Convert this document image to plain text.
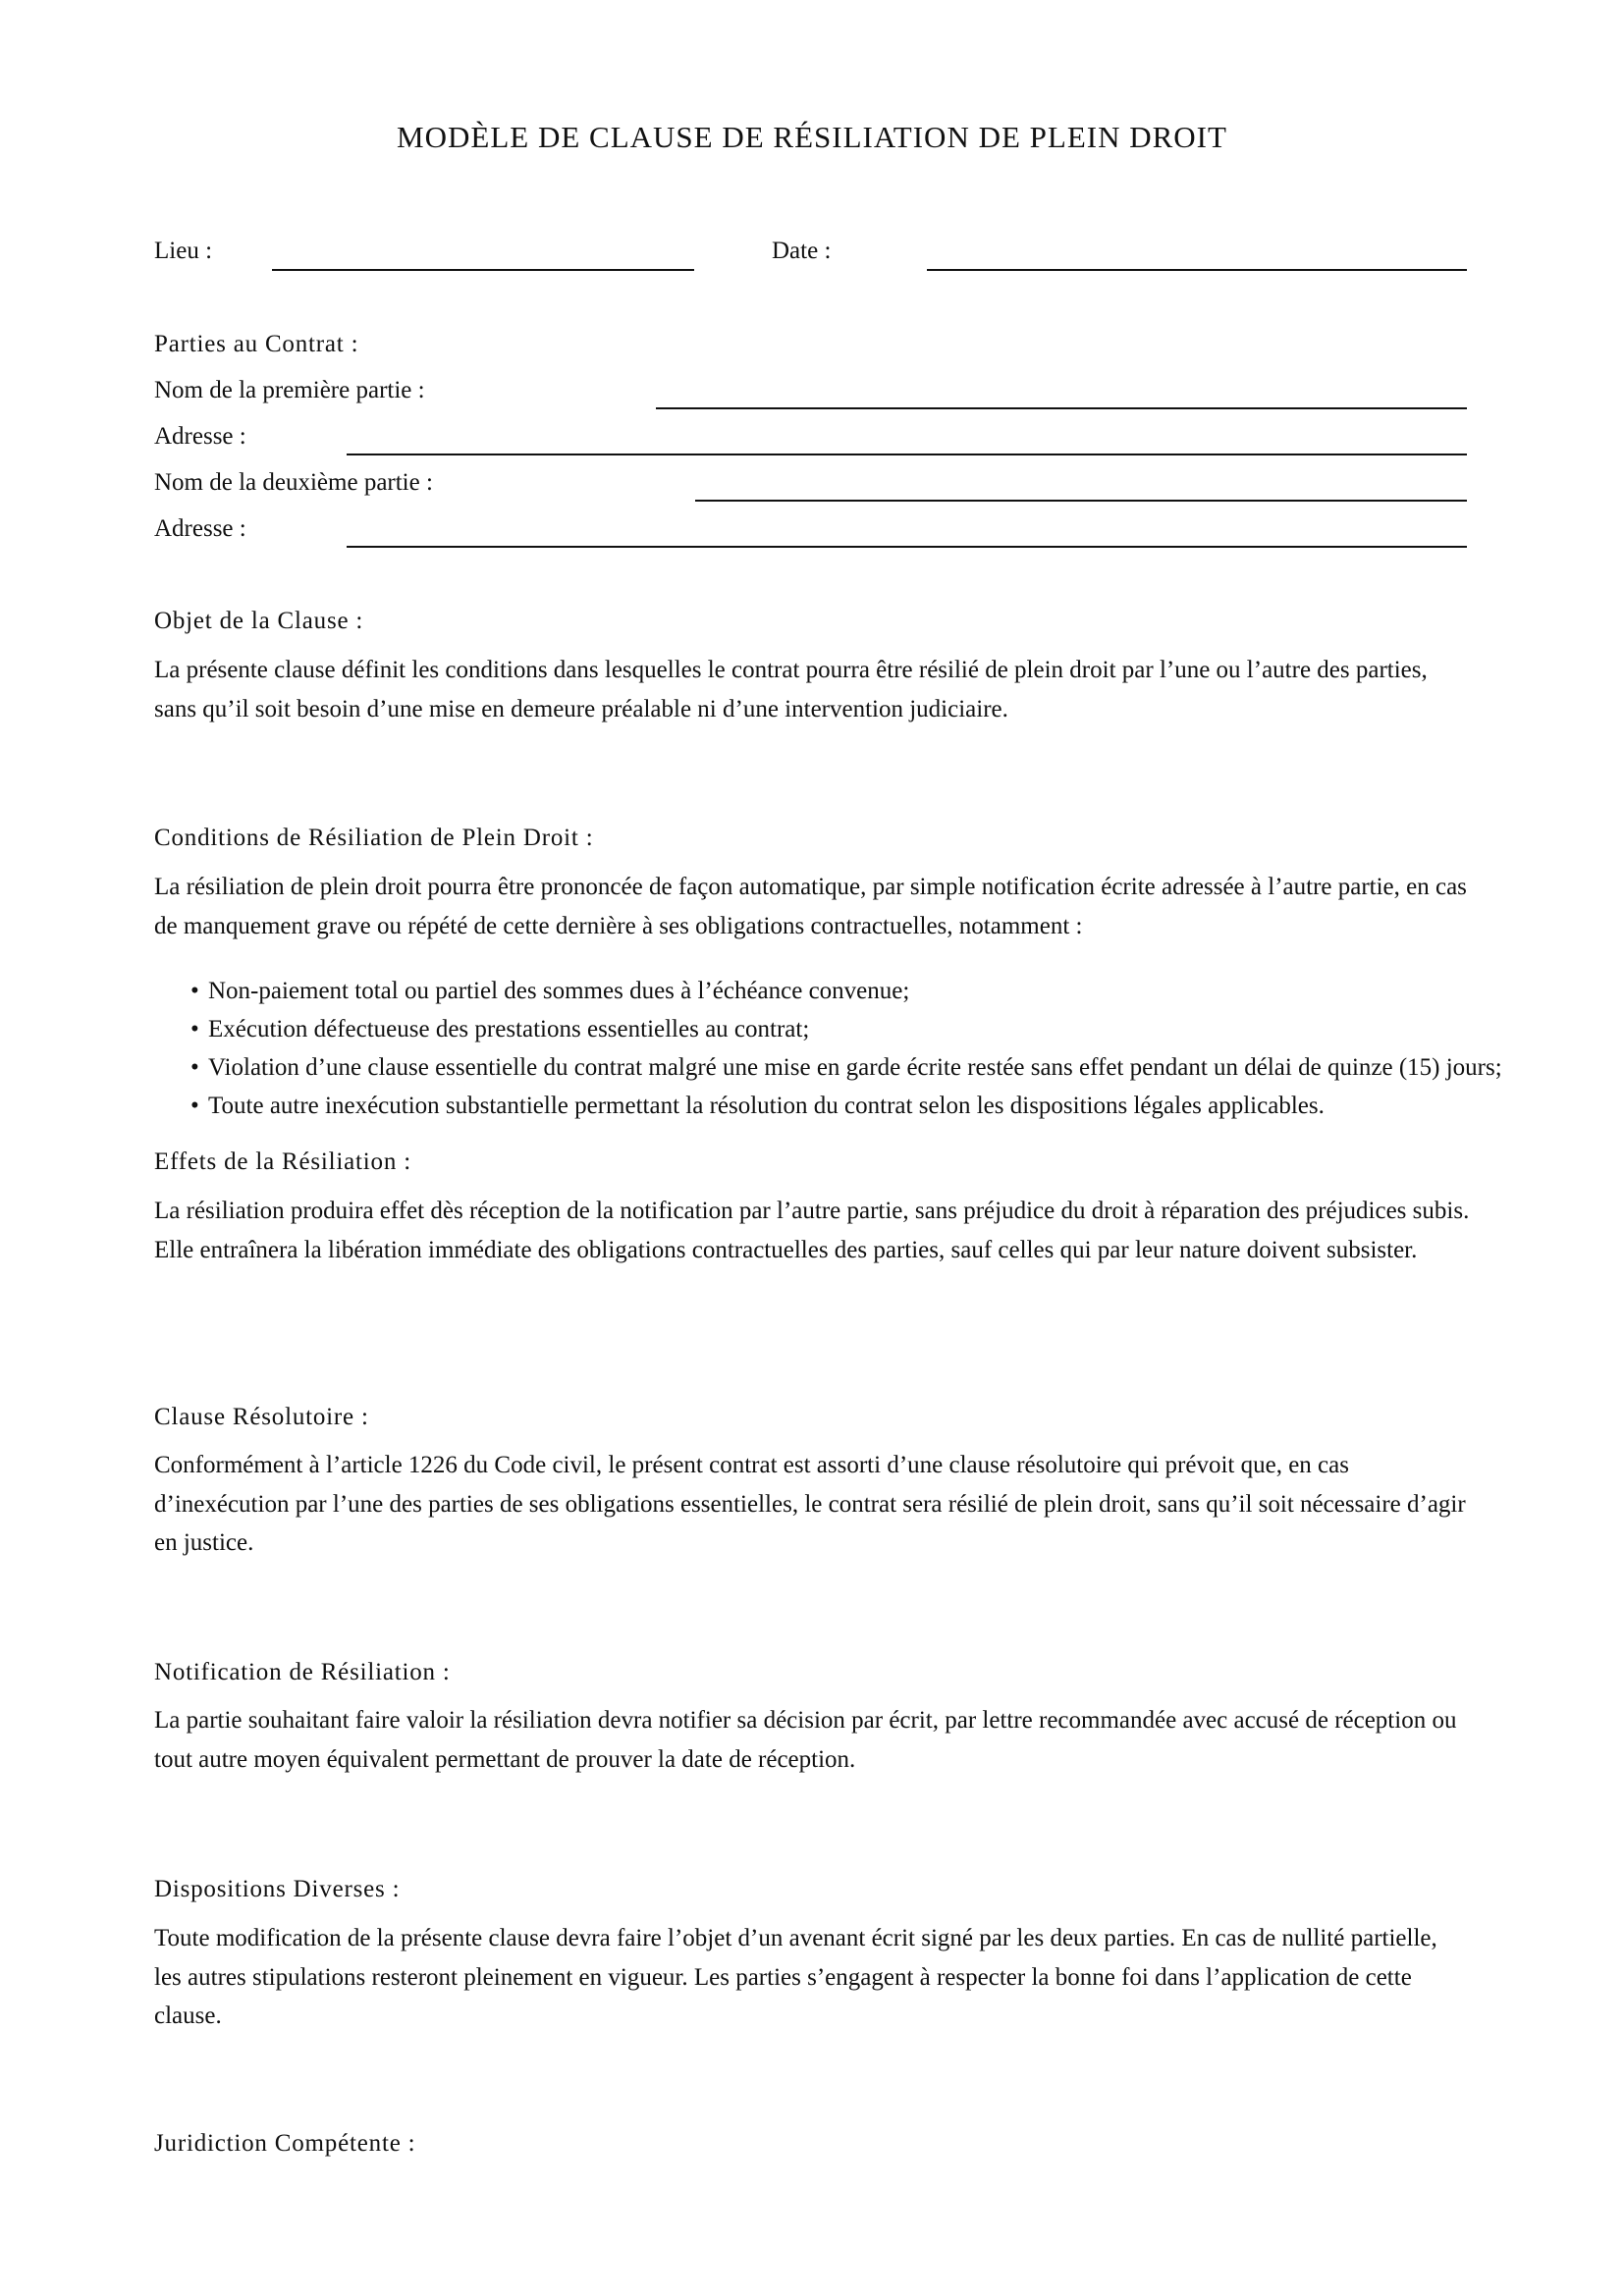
MODÈLE DE CLAUSE DE RÉSILIATION DE PLEIN DROIT
Lieu :	Date :
Parties au Contrat :
Nom de la première partie :
Adresse :
Nom de la deuxième partie :
Adresse :
Objet de la Clause :

La présente clause définit les conditions dans lesquelles le contrat pourra être résilié de plein droit par l’une ou l’autre des parties, sans qu’il soit besoin d’une mise en demeure préalable ni d’une intervention judiciaire.

Conditions de Résiliation de Plein Droit :

La résiliation de plein droit pourra être prononcée de façon automatique, par simple notification écrite adressée à l’autre partie, en cas de manquement grave ou répété de cette dernière à ses obligations contractuelles, notamment :

• Non-paiement total ou partiel des sommes dues à l’échéance convenue;
• Exécution défectueuse des prestations essentielles au contrat;
• Violation d’une clause essentielle du contrat malgré une mise en garde écrite restée sans effet pendant un délai de quinze (15) jours;
• Toute autre inexécution substantielle permettant la résolution du contrat selon les dispositions légales applicables.
Effets de la Résiliation :

La résiliation produira effet dès réception de la notification par l’autre partie, sans préjudice du droit à réparation des préjudices subis. Elle entraînera la libération immédiate des obligations contractuelles des parties, sauf celles qui par leur nature doivent subsister.

Clause Résolutoire :

Conformément à l’article 1226 du Code civil, le présent contrat est assorti d’une clause résolutoire qui prévoit que, en cas d’inexécution par l’une des parties de ses obligations essentielles, le contrat sera résilié de plein droit, sans qu’il soit nécessaire d’agir en justice.

Notification de Résiliation :

La partie souhaitant faire valoir la résiliation devra notifier sa décision par écrit, par lettre recommandée avec accusé de réception ou tout autre moyen équivalent permettant de prouver la date de réception.

Dispositions Diverses :

Toute modification de la présente clause devra faire l’objet d’un avenant écrit signé par les deux parties. En cas de nullité partielle, les autres stipulations resteront pleinement en vigueur. Les parties s’engagent à respecter la bonne foi dans l’application de cette clause.

Juridiction Compétente :
